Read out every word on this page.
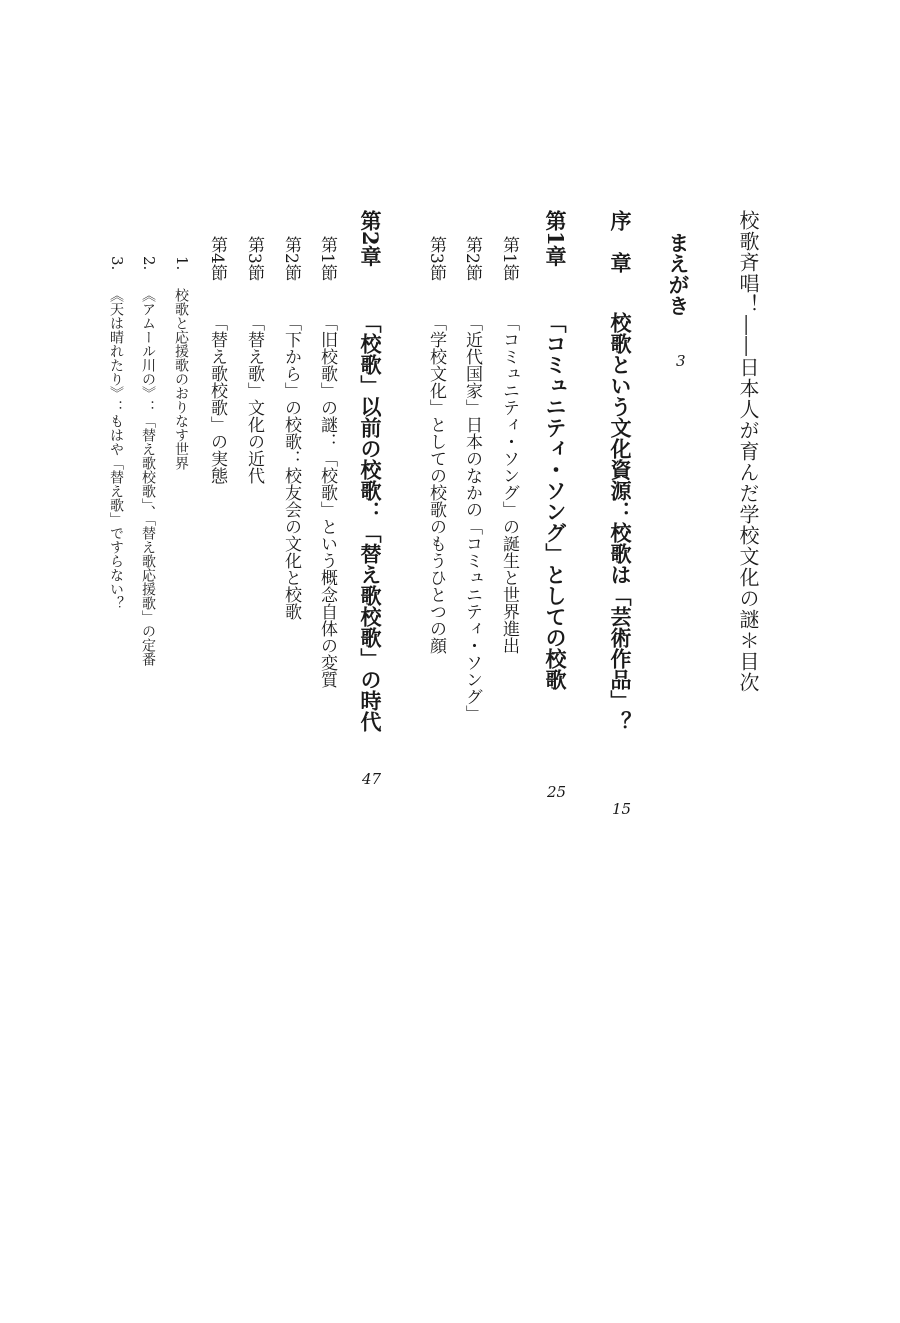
校歌斉唱！――日本人が育んだ学校文化の謎＊目次
まえがき
3
序　章
校歌という文化資源：校歌は「芸術作品」？
15
第1章
「コミュニティ・ソング」としての校歌
25
第1節
「コミュニティ・ソング」の誕生と世界進出
第2節
「近代国家」日本のなかの「コミュニティ・ソング」
第3節
「学校文化」としての校歌のもうひとつの顔
第2章
「校歌」以前の校歌：「替え歌校歌」の時代
47
第1節
「旧校歌」の謎：「校歌」という概念自体の変質
第2節
「下から」の校歌：校友会の文化と校歌
第3節
「替え歌」文化の近代
第4節
「替え歌校歌」の実態
1.
校歌と応援歌のおりなす世界
2.
《アムール川の》：「替え歌校歌」、「替え歌応援歌」の定番
3.
《天は晴れたり》：もはや「替え歌」ですらない？
